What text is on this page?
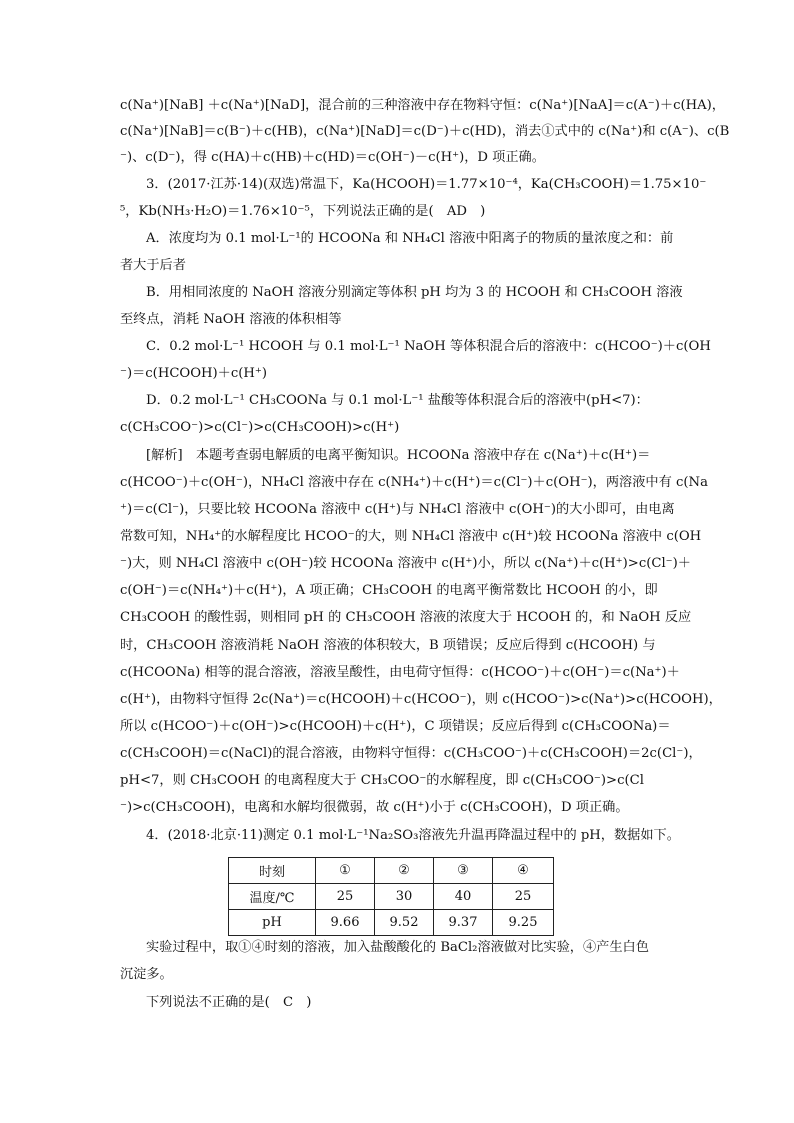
c(Na⁺)[NaB] ＋c(Na⁺)[NaD]，混合前的三种溶液中存在物料守恒：c(Na⁺)[NaA]＝c(A⁻)＋c(HA)，
c(Na⁺)[NaB]＝c(B⁻)＋c(HB)，c(Na⁺)[NaD]＝c(D⁻)＋c(HD)，消去①式中的 c(Na⁺)和 c(A⁻)、c(B
⁻)、c(D⁻)，得 c(HA)＋c(HB)＋c(HD)＝c(OH⁻)－c(H⁺)，D 项正确。
3．(2017·江苏·14)(双选)常温下，Ka(HCOOH)＝1.77×10⁻⁴，Ka(CH₃COOH)＝1.75×10⁻
⁵，Kb(NH₃·H₂O)＝1.76×10⁻⁵，下列说法正确的是(　AD　)
A．浓度均为 0.1 mol·L⁻¹的 HCOONa 和 NH₄Cl 溶液中阳离子的物质的量浓度之和：前
者大于后者
B．用相同浓度的 NaOH 溶液分别滴定等体积 pH 均为 3 的 HCOOH 和 CH₃COOH 溶液
至终点，消耗 NaOH 溶液的体积相等
C．0.2 mol·L⁻¹ HCOOH 与 0.1 mol·L⁻¹ NaOH 等体积混合后的溶液中：c(HCOO⁻)＋c(OH
⁻)＝c(HCOOH)＋c(H⁺)
D．0.2 mol·L⁻¹ CH₃COONa 与 0.1 mol·L⁻¹ 盐酸等体积混合后的溶液中(pH<7)：
c(CH₃COO⁻)>c(Cl⁻)>c(CH₃COOH)>c(H⁺)
[解析]　本题考查弱电解质的电离平衡知识。HCOONa 溶液中存在 c(Na⁺)＋c(H⁺)＝
c(HCOO⁻)＋c(OH⁻)，NH₄Cl 溶液中存在 c(NH₄⁺)＋c(H⁺)＝c(Cl⁻)＋c(OH⁻)，两溶液中有 c(Na
⁺)＝c(Cl⁻)，只要比较 HCOONa 溶液中 c(H⁺)与 NH₄Cl 溶液中 c(OH⁻)的大小即可，由电离
常数可知，NH₄⁺的水解程度比 HCOO⁻的大，则 NH₄Cl 溶液中 c(H⁺)较 HCOONa 溶液中 c(OH
⁻)大，则 NH₄Cl 溶液中 c(OH⁻)较 HCOONa 溶液中 c(H⁺)小，所以 c(Na⁺)＋c(H⁺)>c(Cl⁻)＋
c(OH⁻)＝c(NH₄⁺)＋c(H⁺)，A 项正确；CH₃COOH 的电离平衡常数比 HCOOH 的小，即
CH₃COOH 的酸性弱，则相同 pH 的 CH₃COOH 溶液的浓度大于 HCOOH 的，和 NaOH 反应
时，CH₃COOH 溶液消耗 NaOH 溶液的体积较大，B 项错误；反应后得到 c(HCOOH) 与
c(HCOONa) 相等的混合溶液，溶液呈酸性，由电荷守恒得：c(HCOO⁻)＋c(OH⁻)＝c(Na⁺)＋
c(H⁺)，由物料守恒得 2c(Na⁺)＝c(HCOOH)＋c(HCOO⁻)，则 c(HCOO⁻)>c(Na⁺)>c(HCOOH)，
所以 c(HCOO⁻)＋c(OH⁻)>c(HCOOH)＋c(H⁺)，C 项错误；反应后得到 c(CH₃COONa)＝
c(CH₃COOH)＝c(NaCl)的混合溶液，由物料守恒得：c(CH₃COO⁻)＋c(CH₃COOH)＝2c(Cl⁻)，
pH<7，则 CH₃COOH 的电离程度大于 CH₃COO⁻的水解程度，即 c(CH₃COO⁻)>c(Cl
⁻)>c(CH₃COOH)，电离和水解均很微弱，故 c(H⁺)小于 c(CH₃COOH)，D 项正确。
4．(2018·北京·11)测定 0.1 mol·L⁻¹Na₂SO₃溶液先升温再降温过程中的 pH，数据如下。
时刻	①	②	③	④
温度/℃	25	30	40	25
pH	9.66	9.52	9.37	9.25
实验过程中，取①④时刻的溶液，加入盐酸酸化的 BaCl₂溶液做对比实验，④产生白色
沉淀多。
下列说法不正确的是(　C　)
